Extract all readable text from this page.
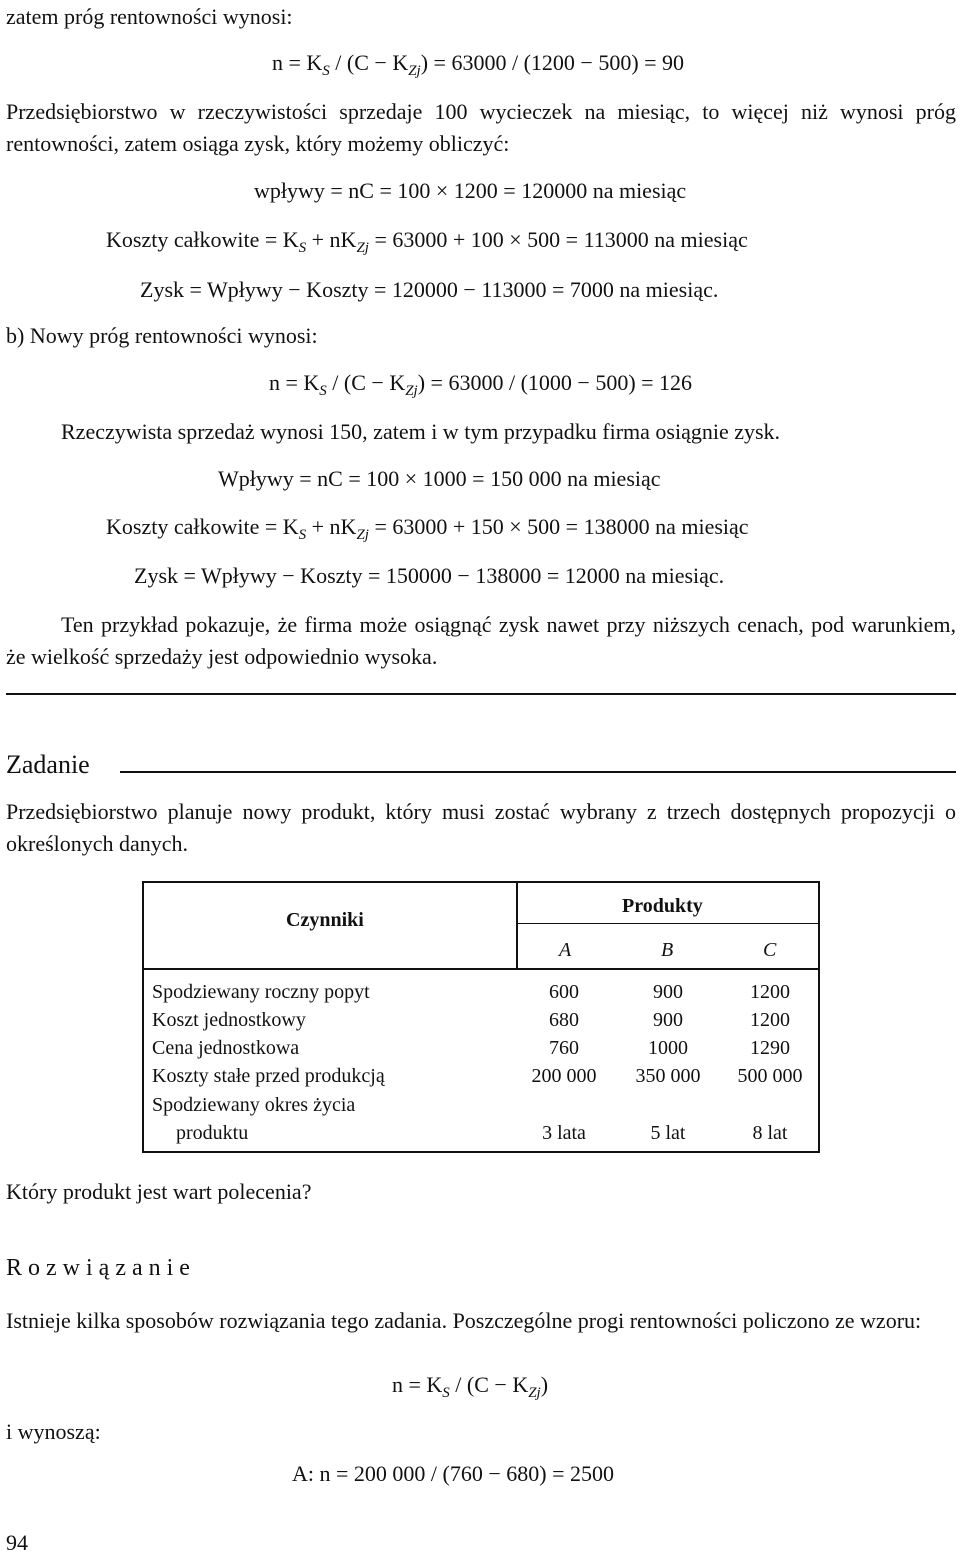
zatem próg rentowności wynosi:
$n = K_S / (C - K_{Zj}) = 63000 / (1200 - 500) = 90$
Przedsiębiorstwo w rzeczywistości sprzedaje 100 wycieczek na miesiąc, to więcej niż wynosi próg rentowności, zatem osiąga zysk, który możemy obliczyć:
wpływy = nC = 100 × 1200 = 120000 na miesiąc
Koszty całkowite = $K_S + nK_{Zj} = 63000 + 100 \times 500 = 113000$ na miesiąc
Zysk = Wpływy − Koszty = 120000 − 113000 = 7000 na miesiąc.
b) Nowy próg rentowności wynosi:
$n = K_S / (C - K_{Zj}) = 63000 / (1000 - 500) = 126$
Rzeczywista sprzedaż wynosi 150, zatem i w tym przypadku firma osiągnie zysk.
Wpływy = nC = 100 × 1000 = 150 000 na miesiąc
Koszty całkowite = $K_S + nK_{Zj} = 63000 + 150 \times 500 = 138000$ na miesiąc
Zysk = Wpływy − Koszty = 150000 − 138000 = 12000 na miesiąc.
Ten przykład pokazuje, że firma może osiągnąć zysk nawet przy niższych cenach, pod warunkiem, że wielkość sprzedaży jest odpowiednio wysoka.
Zadanie
Przedsiębiorstwo planuje nowy produkt, który musi zostać wybrany z trzech dostępnych propozycji o określonych danych.
Czynniki
Produkty
A	B	C
Spodziewany roczny popyt	600	900	1200
Koszt jednostkowy	680	900	1200
Cena jednostkowa	760	1000	1290
Koszty stałe przed produkcją	200 000	350 000	500 000
Spodziewany okres życia
produktu	3 lata	5 lat	8 lat
Który produkt jest wart polecenia?
Rozwiązanie
Istnieje kilka sposobów rozwiązania tego zadania. Poszczególne progi rentowności policzono ze wzoru:
$n = K_S / (C - K_{Zj})$
i wynoszą:
A: n = 200 000 / (760 − 680) = 2500
94
